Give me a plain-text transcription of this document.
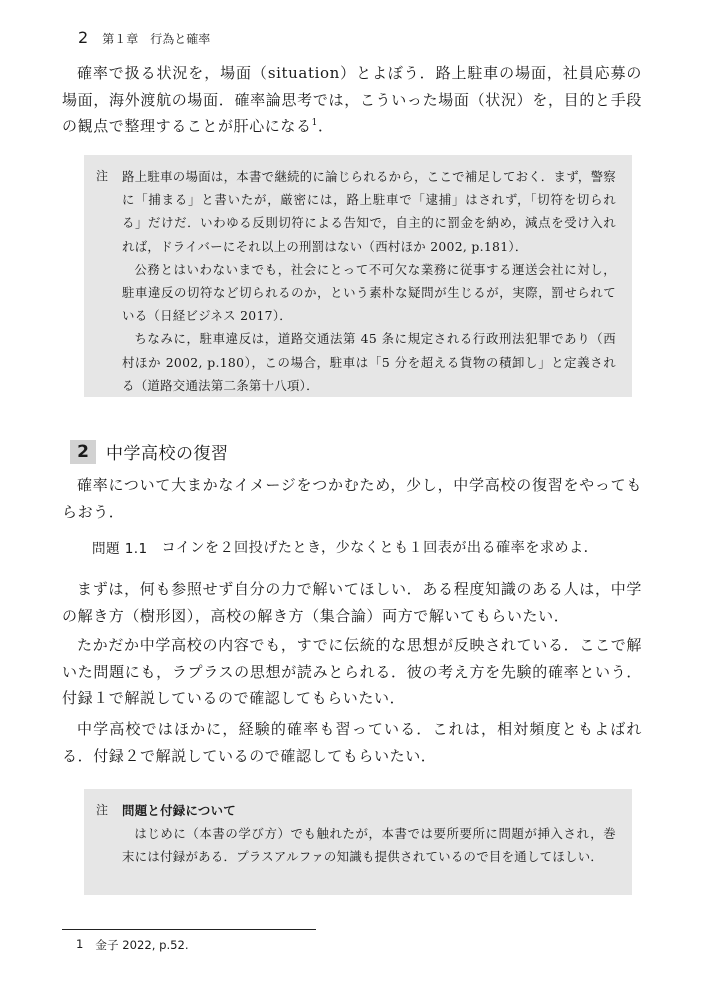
2 第１章　行為と確率

確率で扱る状況を，場面（situation）とよぼう．路上駐車の場面，社員応募の場面，海外渡航の場面．確率論思考では，こういった場面（状況）を，目的と手段の観点で整理することが肝心になる$^1$．

注	路上駐車の場面は，本書で継続的に論じられるから，ここで補足しておく．まず，警察に「捕まる」と書いたが，厳密には，路上駐車で「逮捕」はされず，「切符を切られる」だけだ．いわゆる反則切符による告知で，自主的に罰金を納め，減点を受け入れれば，ドライバーにそれ以上の刑罰はない（西村ほか 2002, p.181）．

公務とはいわないまでも，社会にとって不可欠な業務に従事する運送会社に対し，駐車違反の切符など切られるのか，という素朴な疑問が生じるが，実際，罰せられている（日経ビジネス 2017）．

ちなみに，駐車違反は，道路交通法第 45 条に規定される行政刑法犯罪であり（西村ほか 2002, p.180），この場合，駐車は「5 分を超える貨物の積卸し」と定義される（道路交通法第二条第十八項）．

2	中学高校の復習

確率について大まかなイメージをつかむため，少し，中学高校の復習をやってもらおう．

問題 1.1 コインを２回投げたとき，少なくとも１回表が出る確率を求めよ．

まずは，何も参照せず自分の力で解いてほしい．ある程度知識のある人は，中学の解き方（樹形図），高校の解き方（集合論）両方で解いてもらいたい．

たかだか中学高校の内容でも，すでに伝統的な思想が反映されている．ここで解いた問題にも，ラプラスの思想が読みとられる．彼の考え方を先験的確率という．付録１で解説しているので確認してもらいたい．

中学高校ではほかに，経験的確率も習っている．これは，相対頻度ともよばれる．付録２で解説しているので確認してもらいたい．

注	問題と付録について

はじめに（本書の学び方）でも触れたが，本書では要所要所に問題が挿入され，巻末には付録がある．プラスアルファの知識も提供されているので目を通してほしい．

1 金子 2022, p.52.
